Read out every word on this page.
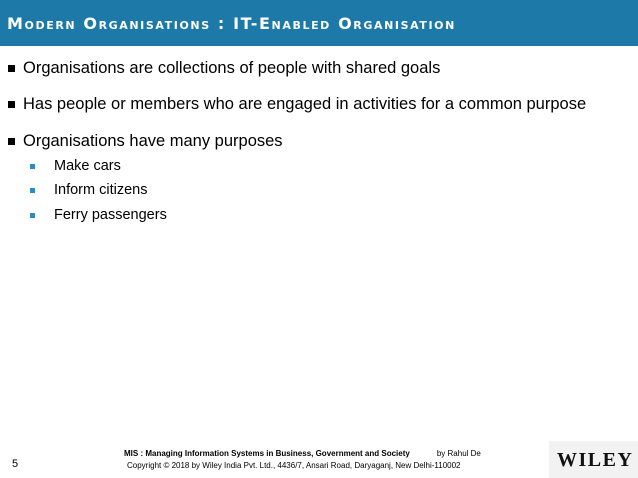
Modern Organisations : IT-Enabled Organisation
Organisations are collections of people with shared goals
Has people or members who are engaged in activities for a common purpose
Organisations have many purposes
Make cars
Inform citizens
Ferry passengers
5
MIS : Managing Information Systems in Business, Government and Society	by Rahul De
Copyright © 2018 by Wiley India Pvt. Ltd., 4436/7, Ansari Road, Daryaganj, New Delhi-110002	WILEY
